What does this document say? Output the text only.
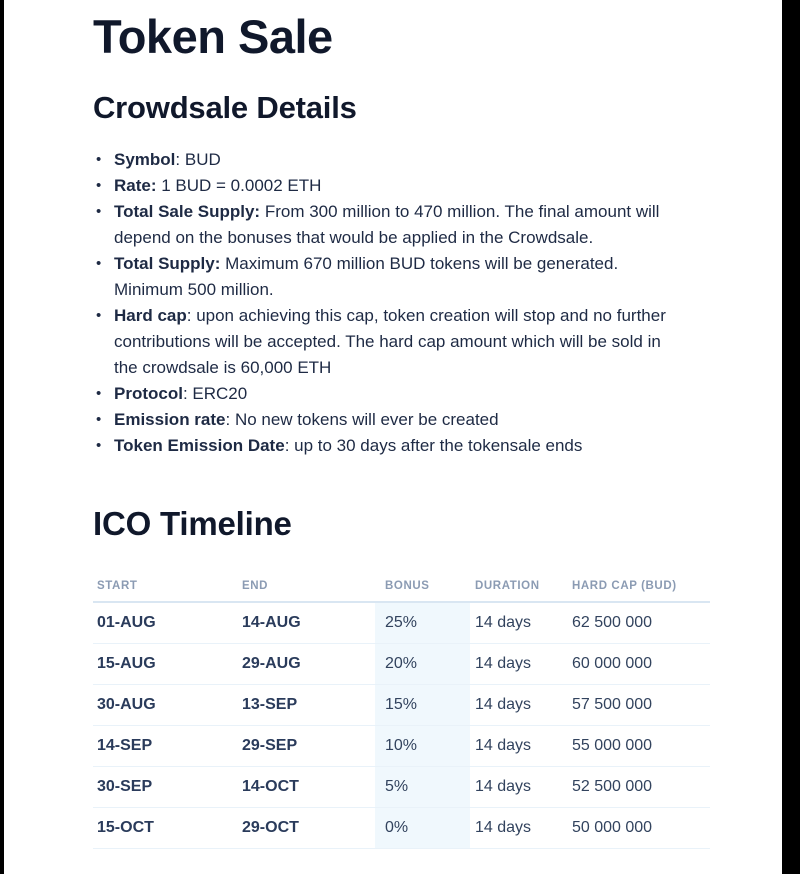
Token Sale
Crowdsale Details
• Symbol: BUD
• Rate: 1 BUD = 0.0002 ETH
• Total Sale Supply: From 300 million to 470 million. The final amount will depend on the bonuses that would be applied in the Crowdsale.
• Total Supply: Maximum 670 million BUD tokens will be generated. Minimum 500 million.
• Hard cap: upon achieving this cap, token creation will stop and no further contributions will be accepted. The hard cap amount which will be sold in the crowdsale is 60,000 ETH
• Protocol: ERC20
• Emission rate: No new tokens will ever be created
• Token Emission Date: up to 30 days after the tokensale ends
ICO Timeline
START	END	BONUS	DURATION	HARD CAP (BUD)
01-AUG	14-AUG	25%	14 days	62 500 000
15-AUG	29-AUG	20%	14 days	60 000 000
30-AUG	13-SEP	15%	14 days	57 500 000
14-SEP	29-SEP	10%	14 days	55 000 000
30-SEP	14-OCT	5%	14 days	52 500 000
15-OCT	29-OCT	0%	14 days	50 000 000
